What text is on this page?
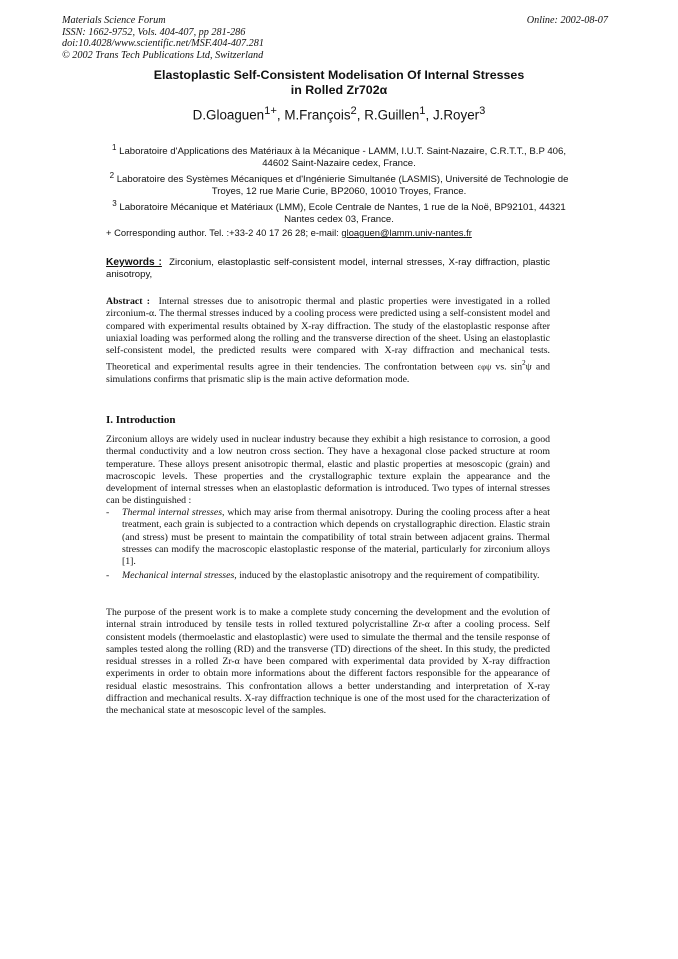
Materials Science Forum
ISSN: 1662-9752, Vols. 404-407, pp 281-286
doi:10.4028/www.scientific.net/MSF.404-407.281
© 2002 Trans Tech Publications Ltd, Switzerland
Online: 2002-08-07
Elastoplastic Self-Consistent Modelisation Of Internal Stresses
in Rolled Zr702α
D.Gloaguen$^{1+}$, M.François$^2$, R.Guillen$^1$, J.Royer$^3$
$^1$ Laboratoire d'Applications des Matériaux à la Mécanique - LAMM, I.U.T. Saint-Nazaire, C.R.T.T., B.P 406, 44602 Saint-Nazaire cedex, France.
$^2$ Laboratoire des Systèmes Mécaniques et d'Ingénierie Simultanée (LASMIS), Université de Technologie de Troyes, 12 rue Marie Curie, BP2060, 10010 Troyes, France.
$^3$ Laboratoire Mécanique et Matériaux (LMM), Ecole Centrale de Nantes, 1 rue de la Noë, BP92101, 44321 Nantes cedex 03, France.
+ Corresponding author. Tel. :+33-2 40 17 26 28; e-mail: gloaguen@lamm.univ-nantes.fr
Keywords : Zirconium, elastoplastic self-consistent model, internal stresses, X-ray diffraction, plastic anisotropy,
Abstract : Internal stresses due to anisotropic thermal and plastic properties were investigated in a rolled zirconium-α. The thermal stresses induced by a cooling process were predicted using a self-consistent model and compared with experimental results obtained by X-ray diffraction. The study of the elastoplastic response after uniaxial loading was performed along the rolling and the transverse direction of the sheet. Using an elastoplastic self-consistent model, the predicted results were compared with X-ray diffraction and mechanical tests. Theoretical and experimental results agree in their tendencies. The confrontation between εφψ vs. $\sin^2\psi$ and simulations confirms that prismatic slip is the main active deformation mode.
I. Introduction
Zirconium alloys are widely used in nuclear industry because they exhibit a high resistance to corrosion, a good thermal conductivity and a low neutron cross section. They have a hexagonal close packed structure at room temperature. These alloys present anisotropic thermal, elastic and plastic properties at mesoscopic (grain) and macroscopic levels. These properties and the crystallographic texture explain the appearance and the development of internal stresses when an elastoplastic deformation is introduced. Two types of internal stresses can be distinguished :
- Thermal internal stresses, which may arise from thermal anisotropy. During the cooling process after a heat treatment, each grain is subjected to a contraction which depends on crystallographic direction. Elastic strain (and stress) must be present to maintain the compatibility of total strain between adjacent grains. Thermal stresses can modify the macroscopic elastoplastic response of the material, particularly for zirconium alloys [1].
- Mechanical internal stresses, induced by the elastoplastic anisotropy and the requirement of compatibility.
The purpose of the present work is to make a complete study concerning the development and the evolution of internal strain introduced by tensile tests in rolled textured polycristalline Zr-α after a cooling process. Self consistent models (thermoelastic and elastoplastic) were used to simulate the thermal and the tensile response of samples tested along the rolling (RD) and the transverse (TD) directions of the sheet. In this study, the predicted residual stresses in a rolled Zr-α have been compared with experimental data provided by X-ray diffraction experiments in order to obtain more informations about the different factors responsible for the appearance of residual elastic mesostrains. This confrontation allows a better understanding and interpretation of X-ray diffraction and mechanical results. X-ray diffraction technique is one of the most used for the characterization of the mechanical state at mesoscopic level of the samples.
